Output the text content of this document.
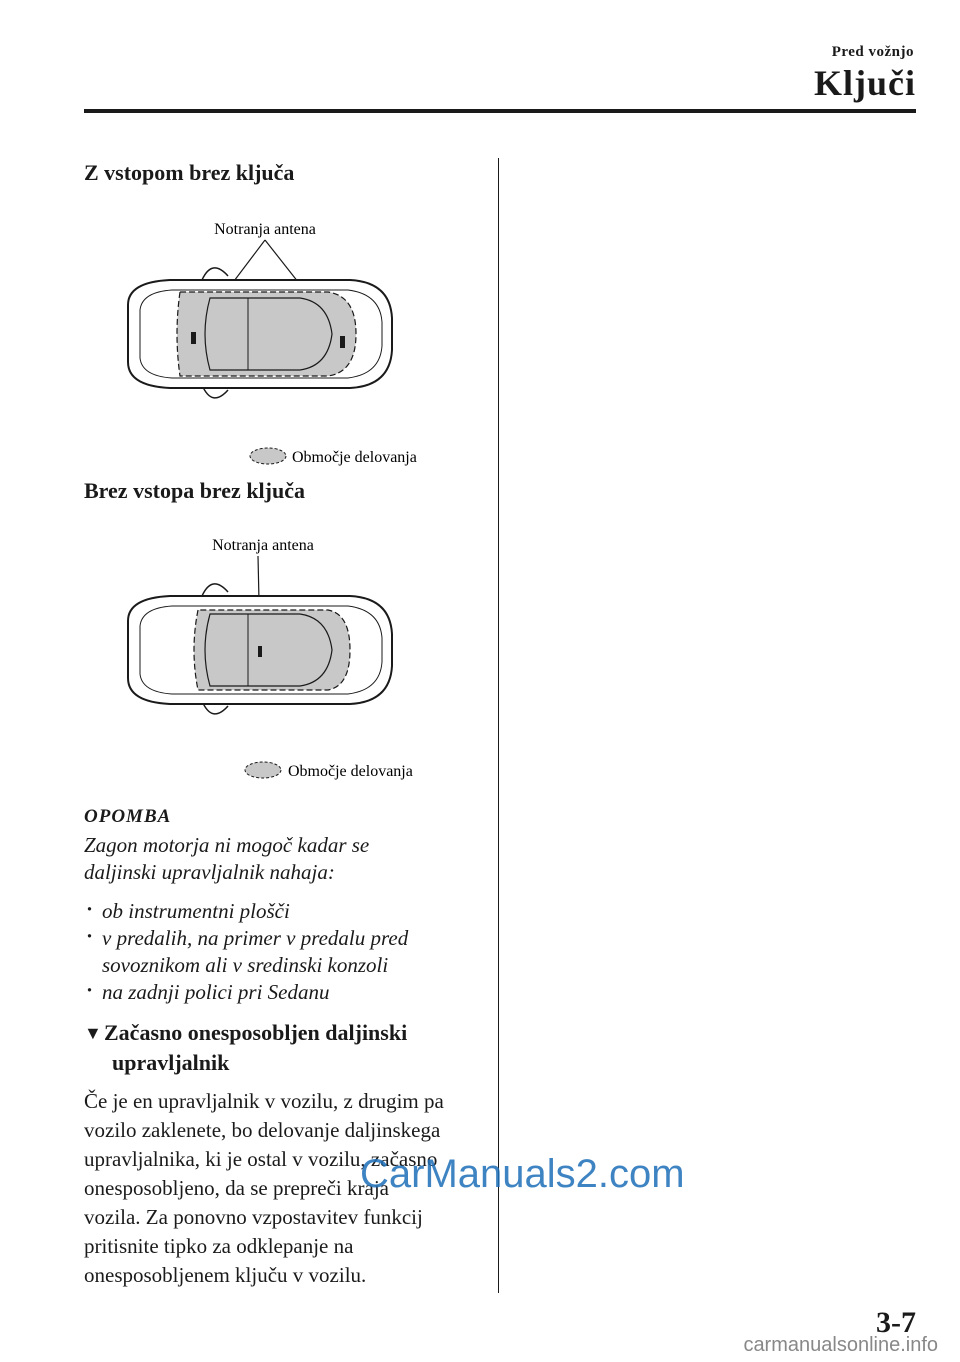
Pred vožnjo
Ključi
Z vstopom brez ključa
Notranja antena
Območje delovanja
Brez vstopa brez ključa
Notranja antena
Območje delovanja
OPOMBA
Zagon motorja ni mogoč kadar se
daljinski upravljalnik nahaja:
· ob instrumentni plošči
· v predalih, na primer v predalu pred sovoznikom ali v sredinski konzoli
· na zadnji polici pri Sedanu
▼Začasno onesposobljen daljinski
upravljalnik
Če je en upravljalnik v vozilu, z drugim pa
vozilo zaklenete, bo delovanje daljinskega
upravljalnika, ki je ostal v vozilu, začasno
onesposobljeno, da se prepreči kraja
vozila. Za ponovno vzpostavitev funkcij
pritisnite tipko za odklepanje na
onesposobljenem ključu v vozilu.
CarManuals2.com
3-7
carmanualsonline.info
